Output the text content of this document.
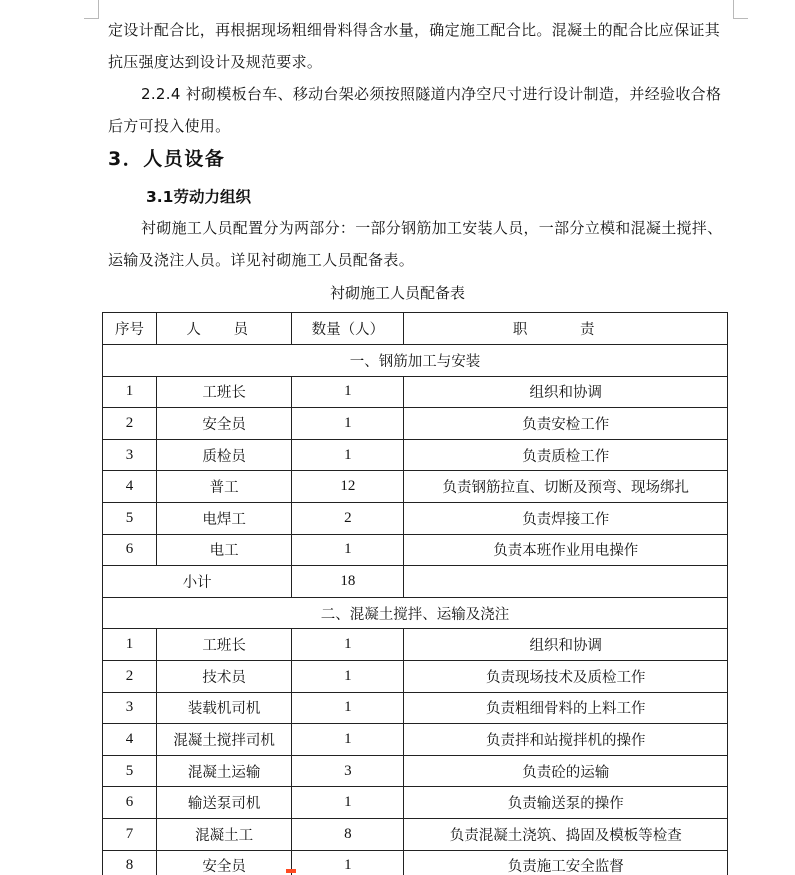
定设计配合比，再根据现场粗细骨料得含水量，确定施工配合比。混凝土的配合比应保证其抗压强度达到设计及规范要求。

2.2.4 衬砌模板台车、移动台架必须按照隧道内净空尺寸进行设计制造，并经验收合格后方可投入使用。

3．人员设备
3.1劳动力组织

衬砌施工人员配置分为两部分：一部分钢筋加工安装人员，一部分立模和混凝土搅拌、运输及浇注人员。详见衬砌施工人员配备表。

衬砌施工人员配备表

序号	人 员	数量（人）	职 责
一、钢筋加工与安装			
1	工班长	1	组织和协调
2	安全员	1	负责安检工作
3	质检员	1	负责质检工作
4	普工	12	负责钢筋拉直、切断及预弯、现场绑扎
5	电焊工	2	负责焊接工作
6	电工	1	负责本班作业用电操作
小计		18	
二、混凝土搅拌、运输及浇注			
1	工班长	1	组织和协调
2	技术员	1	负责现场技术及质检工作
3	装载机司机	1	负责粗细骨料的上料工作
4	混凝土搅拌司机	1	负责拌和站搅拌机的操作
5	混凝土运输	3	负责砼的运输
6	输送泵司机	1	负责输送泵的操作
7	混凝土工	8	负责混凝土浇筑、捣固及模板等检查
8	安全员	1	负责施工安全监督
